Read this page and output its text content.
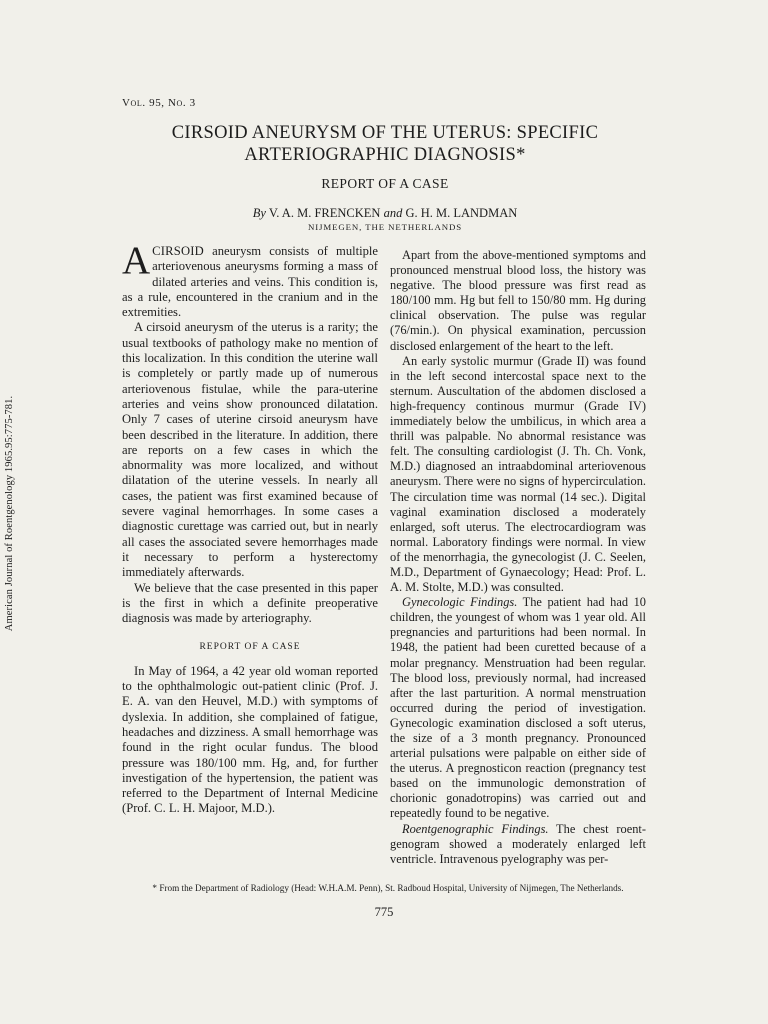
American Journal of Roentgenology 1965.95:775-781.
Vol. 95, No. 3
CIRSOID ANEURYSM OF THE UTERUS: SPECIFIC ARTERIOGRAPHIC DIAGNOSIS*
REPORT OF A CASE
By V. A. M. FRENCKEN and G. H. M. LANDMAN
NIJMEGEN, THE NETHERLANDS

ACIRSOID aneurysm consists of multiple arteriovenous aneurysms forming a mass of dilated arteries and veins. This condition is, as a rule, encountered in the cranium and in the extremities.

A cirsoid aneurysm of the uterus is a rarity; the usual textbooks of pathology make no mention of this localization. In this condition the uterine wall is completely or partly made up of numerous arteriovenous fistulae, while the para-uterine arteries and veins show pronounced dilatation. Only 7 cases of uterine cirsoid aneurysm have been described in the literature. In addition, there are reports on a few cases in which the abnormality was more localized, and without dilatation of the uterine vessels. In nearly all cases, the patient was first examined because of severe vaginal hemorrhages. In some cases a diagnostic curettage was carried out, but in nearly all cases the associated severe hemorrhages made it necessary to perform a hysterectomy immediately afterwards.

We believe that the case presented in this paper is the first in which a definite preoperative diagnosis was made by arteriography.

REPORT OF A CASE

In May of 1964, a 42 year old woman reported to the ophthalmologic out-patient clinic (Prof. J. E. A. van den Heuvel, M.D.) with symptoms of dyslexia. In addition, she complained of fatigue, headaches and dizziness. A small hemorrhage was found in the right ocular fundus. The blood pressure was 180/100 mm. Hg, and, for further investigation of the hypertension, the patient was referred to the Department of Internal Medicine (Prof. C. L. H. Majoor, M.D.).

Apart from the above-mentioned symptoms and pronounced menstrual blood loss, the history was negative. The blood pressure was first read as 180/100 mm. Hg but fell to 150/80 mm. Hg during clinical observation. The pulse was regular (76/min.). On physical examination, percussion disclosed enlargement of the heart to the left.

An early systolic murmur (Grade II) was found in the left second intercostal space next to the sternum. Auscultation of the abdomen disclosed a high-frequency continous murmur (Grade IV) immediately below the umbilicus, in which area a thrill was palpable. No abnormal resistance was felt. The consulting cardiologist (J. Th. Ch. Vonk, M.D.) diagnosed an intraabdominal arteriovenous aneurysm. There were no signs of hypercirculation. The circulation time was normal (14 sec.). Digital vaginal examination disclosed a moderately enlarged, soft uterus. The electrocardiogram was normal. Laboratory findings were normal. In view of the menorrhagia, the gynecologist (J. C. Seelen, M.D., Department of Gynaecology; Head: Prof. L. A. M. Stolte, M.D.) was consulted.

Gynecologic Findings. The patient had had 10 children, the youngest of whom was 1 year old. All pregnancies and parturitions had been normal. In 1948, the patient had been curetted because of a molar pregnancy. Menstruation had been regular. The blood loss, previously normal, had increased after the last parturition. A normal menstruation occurred during the period of investigation. Gynecologic examination disclosed a soft uterus, the size of a 3 month pregnancy. Pronounced arterial pulsations were palpable on either side of the uterus. A pregnosticon reaction (pregnancy test based on the immunologic demonstration of chorionic gonadotropins) was carried out and repeatedly found to be negative.

Roentgenographic Findings. The chest roentgenogram showed a moderately enlarged left ventricle. Intravenous pyelography was per-

* From the Department of Radiology (Head: W.H.A.M. Penn), St. Radboud Hospital, University of Nijmegen, The Netherlands.
775
